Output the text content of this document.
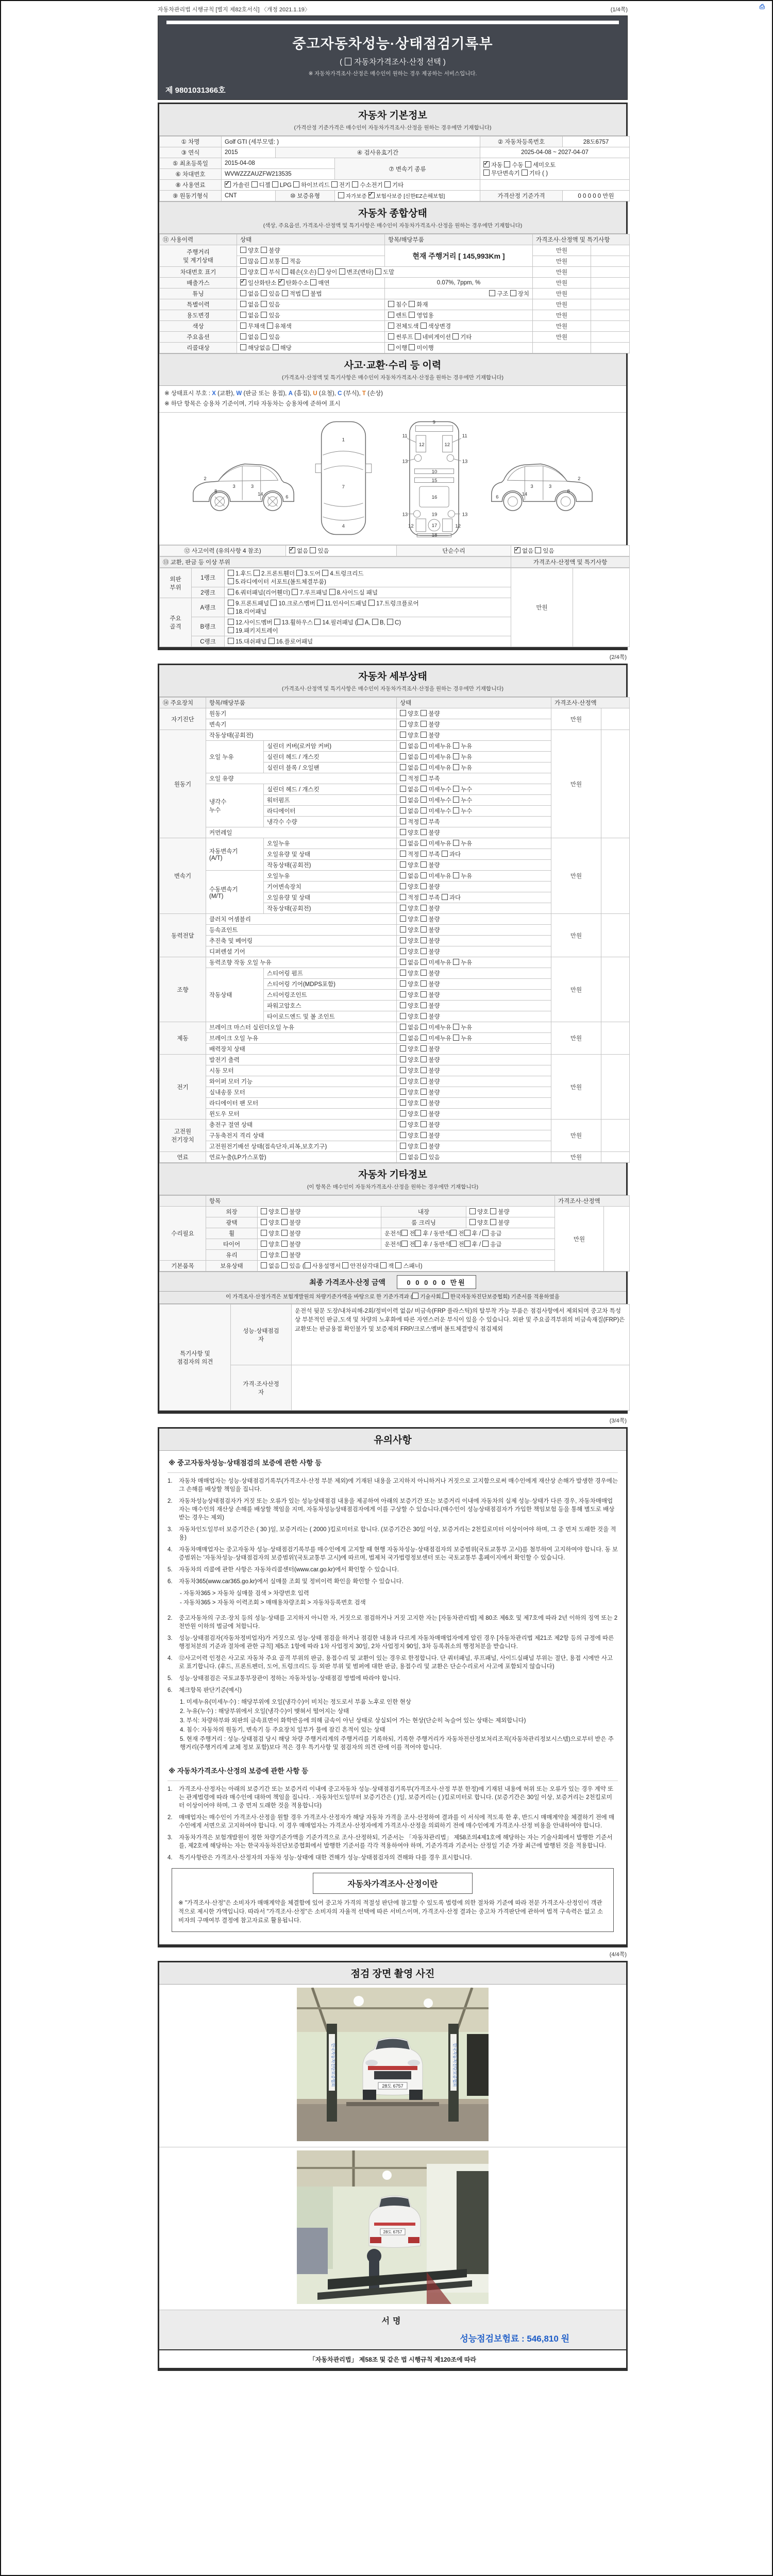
⎙
자동차관리법 시행규칙 [별지 제82호서식] 〈개정 2021.1.19〉	(1/4쪽)
중고자동차성능·상태점검기록부
( 자동차가격조사·산정 선택 )
※ 자동차가격조사·산정은 매수인이 원하는 경우 제공하는 서비스입니다.
제 9801031366호
자동차 기본정보
(가격산정 기준가격은 매수인이 자동차가격조사·산정을 원하는 경우에만 기재합니다)
① 차명	Golf GTI (세부모델: )			② 자동차등록번호	28도6757
③ 연식	2015	④ 검사유효기간		2025-04-08 ~ 2027-04-07	
⑤ 최초등록일	2015-04-08		⑦ 변속기 종류	✓자동 수동 세미오토
무단변속기 기타 ( )
⑥ 차대번호	WVWZZZAUZFW213535				
⑧ 사용연료	✓가솔린 디젤 LPG 하이브리드 전기 수소전기 기타	
⑨ 원동기형식	CNT	⑩ 보증유형	자가보증 ✓보험사보증 [신한EZ손해보험]	가격산정 기준가격	0 0 0 0 0 만원
자동차 종합상태
(색상, 주요옵션, 가격조사·산정액 및 특기사항은 매수인이 자동차가격조사·산정을 원하는 경우에만 기재합니다)
⑪ 사용이력	상태	항목/해당부품	가격조사·산정액 및 특기사항	
주행거리
및 계기상태	양호 불량	현재 주행거리 [ 145,993Km ]	만원	
	많음 보통 적음		만원	
차대번호 표기	양호 부식 훼손(오손) 상이 변조(변타) 도말		만원	
배출가스	✓일산화탄소 ✓탄화수소 매연	0.07%, 7ppm, %	만원	
튜닝	없음 있음 적법 불법	구조 장치	만원	
특별이력	없음 있음	침수 화재	만원	
용도변경	없음 있음	렌트 영업용	만원	
색상	무채색 유채색	전체도색 색상변경	만원	
주요옵션	없음 있음	썬루프 네비게이션 기타	만원	
리콜대상	해당없음 해당	이행 미이행		
사고·교환·수리 등 이력
(가격조사·산정액 및 특기사항은 매수인이 자동차가격조사·산정을 원하는 경우에만 기재합니다)
※ 상태표시 부호 : X (교환), W (판금 또는 용접), A (흠집), U (요철), C (부식), T (손상)
※ 하단 항목은 승용차 기준이며, 기타 자동차는 승용차에 준하여 표시
2
8
3	3
14
6
1
7
4
9
11	11
12	12
13	13
10
15
16
13	19	13
12	17	12
18
2
8
3
3
14
6
⑫ 사고이력 (유의사항 4 참조)	✓없음 있음	단순수리	✓없음 있음
⑬ 교환, 판금 등 이상 부위	가격조사·산정액 및 특기사항
외판
부위	1랭크	1.후드 2.프론트휀더 3.도어 4.트렁크리드
5.라디에이터 서포트(볼트체결부품)	만원	
	2랭크	6.쿼터패널(리어휀더) 7.루프패널 8.사이드실 패널		
주요
골격	A랭크	9.프론트패널 10.크로스멤버 11.인사이드패널 17.트렁크플로어
18.리어패널		
	B랭크	12.사이드멤버 13.휠하우스 14.필러패널 ( A, B, C)
19.패키지트레이		
	C랭크	15.대쉬패널 16.플로어패널		
(2/4쪽)
자동차 세부상태
(가격조사·산정액 및 특기사항은 매수인이 자동차가격조사·산정을 원하는 경우에만 기재합니다)
⑭ 주요장치	항목/해당부품		상태	가격조사·산정액	
자기진단	원동기		양호 불량	만원	
	변속기		양호 불량		
원동기	작동상태(공회전)		양호 불량	만원	
	오일 누유	실린더 커버(로커암 커버)	없음 미세누유 누유		
		실린더 헤드 / 개스킷	없음 미세누유 누유		
		실린더 블록 / 오일팬	없음 미세누유 누유		
	오일 유량		적정 부족		
	냉각수
누수	실린더 헤드 / 개스킷	없음 미세누수 누수		
		워터펌프	없음 미세누수 누수		
		라디에이터	없음 미세누수 누수		
		냉각수 수량	적정 부족		
	커먼레일		양호 불량		
변속기	자동변속기
(A/T)	오일누유	없음 미세누유 누유	만원	
		오일유량 및 상태	적정 부족 과다		
		작동상태(공회전)	양호 불량		
	수동변속기
(M/T)	오일누유	없음 미세누유 누유		
		기어변속장치	양호 불량		
		오일유량 및 상태	적정 부족 과다		
		작동상태(공회전)	양호 불량		
동력전달	클러치 어셈블리		양호 불량	만원	
	등속죠인트		양호 불량		
	추진축 및 베어링		양호 불량		
	디퍼렌셜 기어		양호 불량		
조향	동력조향 작동 오일 누유		없음 미세누유 누유	만원	
	작동상태	스티어링 펌프	양호 불량		
		스티어링 기어(MDPS포함)	양호 불량		
		스티어링조인트	양호 불량		
		파워고압호스	양호 불량		
		타이로드엔드 및 볼 조인트	양호 불량		
제동	브레이크 마스터 실린더오일 누유		없음 미세누유 누유	만원	
	브레이크 오일 누유		없음 미세누유 누유		
	배력장치 상태		양호 불량		
전기	발전기 출력		양호 불량	만원	
	시동 모터		양호 불량		
	와이퍼 모터 기능		양호 불량		
	실내송풍 모터		양호 불량		
	라디에이터 팬 모터		양호 불량		
	윈도우 모터		양호 불량		
고전원
전기장치	충전구 절연 상태		양호 불량	만원	
	구동축전지 격리 상태		양호 불량		
	고전원전기배선 상태(접속단자,피복,보호기구)		양호 불량		
연료	연료누출(LP가스포함)		없음 있음	만원	
자동차 기타정보
(이 항목은 매수인이 자동차가격조사·산정을 원하는 경우에만 기재합니다)
	항목				가격조사·산정액	
수리필요	외장	양호 불량	내장	양호 불량	만원	
	광택	양호 불량	룸 크리닝	양호 불량		
	휠	양호 불량	운전석 전 후 / 동반석 전 후 / 응급			
	타이어	양호 불량	운전석 전 후 / 동반석 전 후 / 응급			
	유리	양호 불량				
기본품목	보유상태	없음 있음 ( 사용설명서 안전삼각대 잭 스패너)				
최종 가격조사·산정 금액	0 0 0 0 0 만원
이 가격조사·산정가격은 보험개발원의 차량기준가액을 바탕으로 한 기준가격과 ( 기술사회, 한국자동차진단보증협회) 기준서를 적용하였음
특기사항 및
점검자의 의견	성능·상태점검
자	운전석 뒷문 도장/내차피해-2회/정비이력 없음/ 비금속(FRP 플라스틱)의 탈부착 가능 부품은 점검사항에서 제외되며 중고차 특성 상 부분적인 판금,도색 및 차량의 노후화에 따른 자연스러운 부식이 있을 수 있습니다. 외판 및 주요골격부위의 비금속재질(FRP)은 교환또는 판금용접 확인불가 및 보증제외 FRP/크로스멤버 볼트체결방식 점검제외
	가격·조사산정
자	
(3/4쪽)
유의사항
※ 중고자동차성능·상태점검의 보증에 관한 사항 등
1.	자동차 매매업자는 성능·상태점검기록부(가격조사·산정 부분 제외)에 기재된 내용을 고지하지 아니하거나 거짓으로 고지함으로써 매수인에게 재산상 손해가 발생한 경우에는 그 손해를 배상할 책임을 집니다.
2.	자동차성능상태점검자가 거짓 또는 오류가 있는 성능상태점검 내용을 제공하여 아래의 보증기간 또는 보증거리 이내에 자동차의 실제 성능·상태가 다른 경우, 자동차매매업자는 매수인의 재산상 손해를 배상할 책임을 지며, 자동차성능상태점검자에게 이를 구상할 수 있습니다.(매수인이 성능상태점검자가 가입한 책임보험 등을 통해 별도로 배상받는 경우는 제외)
3.	자동차인도일부터 보증기간은 ( 30 )일, 보증거리는 ( 2000 )킬로미터로 합니다. (보증기간은 30일 이상, 보증거리는 2천킬로미터 이상이어야 하며, 그 중 먼저 도래한 것을 적용)
4.	자동차매매업자는 중고자동차 성능·상태점검기록부를 매수인에게 고지할 때 현행 자동차성능·상태점검자의 보증범위(국토교통부 고시)를 첨부하여 고지하여야 합니다. 동 보증범위는 '자동차성능·상태점검자의 보증범위'(국토교통부 고시)에 따르며, 법제처 국가법령정보센터 또는 국토교통부 홈페이지에서 확인할 수 있습니다.
5.	자동차의 리콜에 관한 사항은 자동차리콜센터(www.car.go.kr)에서 확인할 수 있습니다.
6.	자동차365(www.car365.go.kr)에서 실매물 조회 및 정비이력 확인을 확인할 수 있습니다.
- 자동차365 > 자동차 실매물 검색 > 차량번호 입력
- 자동차365 > 자동차 이력조회 > 매매용차량조회 > 자동차등록번호 검색
2.	중고자동차의 구조·장치 등의 성능·상태를 고지하지 아니한 자, 거짓으로 점검하거나 거짓 고지한 자는 [자동차관리법] 제 80조 제6호 및 제7호에 따라 2년 이하의 징역 또는 2천만원 이하의 벌금에 처합니다.
3.	성능·상태점검자(자동차정비업자)가 거짓으로 성능·상태 점검을 하거나 점검한 내용과 다르게 자동차매매업자에게 알린 경우 [자동차관리법 제21조 제2항 등의 규정에 따른 행정처분의 기준과 절차에 관한 규칙] 제5조 1항에 따라 1차 사업정지 30일, 2차 사업정지 90일, 3차 등록취소의 행정처분을 받습니다.
4.	⑫사고이력 인정은 사고로 자동차 주요 골격 부위의 판금, 용접수리 및 교환이 있는 경우로 한정합니다. 단 쿼터패널, 루프패널, 사이드실패널 부위는 절단, 용접 시에만 사고로 표기합니다. (후드, 프론트펜더, 도어, 트렁크리드 등 외판 부위 및 범퍼에 대한 판금, 용접수리 및 교환은 단순수리로서 사고에 포함되지 않습니다)
5.	성능·상태점검은 국토교통부장관이 정하는 자동차성능·상태점검 방법에 따라야 합니다.
6.	체크항목 판단기준(예시)
1. 미세누유(미세누수) : 해당부위에 오일(냉각수)이 비치는 정도로서 부품 노후로 인한 현상
2. 누유(누수) : 해당부위에서 오일(냉각수)이 맺혀서 떨어지는 상태
3. 부식: 차량하부와 외판의 금속표면이 화학반응에 의해 금속이 아닌 상태로 상실되어 가는 현상(단순히 녹슬어 있는 상태는 제외합니다)
4. 침수: 자동차의 원동기, 변속기 등 주요장치 일부가 물에 잠긴 흔적이 있는 상태
5. 현재 주행거리 : 성능·상태점검 당시 해당 차량 주행거리계의 주행거리를 기록하되, 기록한 주행거리가 자동차전산정보처리조직(자동차관리정보시스템)으로부터 받은 주행거리(주행거리계 교체 정보 포함)보다 적은 경우 특기사항 및 점검자의 의견 란에 이를 적어야 합니다.
※ 자동차가격조사·산정의 보증에 관한 사항 등
1.	가격조사·산정자는 아래의 보증기간 또는 보증거리 이내에 중고자동차 성능·상태점검기록부(가격조사·산정 부분 한정)에 기재된 내용에 허위 또는 오류가 있는 경우 계약 또는 관계법령에 따라 매수인에 대하여 책임을 집니다. · 자동차인도일부터 보증기간은 ( )일, 보증거리는 ( )킬로미터로 합니다. (보증기간은 30일 이상, 보증거리는 2천킬로미터 이상이어야 하며, 그 중 먼저 도래한 것을 적용합니다)
2.	매매업자는 매수인이 가격조사·산정을 원할 경우 가격조사·산정자가 해당 자동차 가격을 조사·산정하여 결과를 이 서식에 적도록 한 후, 반드시 매매계약을 체결하기 전에 매수인에게 서면으로 고지하여야 합니다. 이 경우 매매업자는 가격조사·산정자에게 가격조사·산정을 의뢰하기 전에 매수인에게 가격조사·산정 비용을 안내하여야 합니다.
3.	자동차가격은 보험개발원이 정한 차량기준가액을 기준가격으로 조사·산정하되, 기준서는 「자동차관리법」 제58조의4제1호에 해당하는 자는 기술사회에서 발행한 기준서를, 제2호에 해당하는 자는 한국자동차진단보증협회에서 발행한 기준서를 각각 적용하여야 하며, 기준가격과 기준서는 산정일 기준 가장 최근에 발행된 것을 적용합니다.
4.	특기사항란은 가격조사·산정자의 자동차 성능·상태에 대한 견해가 성능·상태점검자의 견해와 다를 경우 표시합니다.
자동차가격조사·산정이란
※ "가격조사·산정"은 소비자가 매매계약을 체결함에 있어 중고차 가격의 적절성 판단에 참고할 수 있도록 법령에 의한 절차와 기준에 따라 전문 가격조사·산정인이 객관적으로 제시한 가액입니다. 따라서 "가격조사·산정"은 소비자의 자율적 선택에 따른 서비스이며, 가격조사·산정 결과는 중고차 가격판단에 관하여 법적 구속력은 없고 소비자의 구매여부 결정에 참고자료로 활용됩니다.
(4/4쪽)
점검 장면 촬영 사진
한국자동차진단보증협회	한국자동차진단보증협회
28도 6757
28도 6757
서명
성능점검보험료 : 546,810 원
「자동차관리법」 제58조 및 같은 법 시행규칙 제120조에 따라
